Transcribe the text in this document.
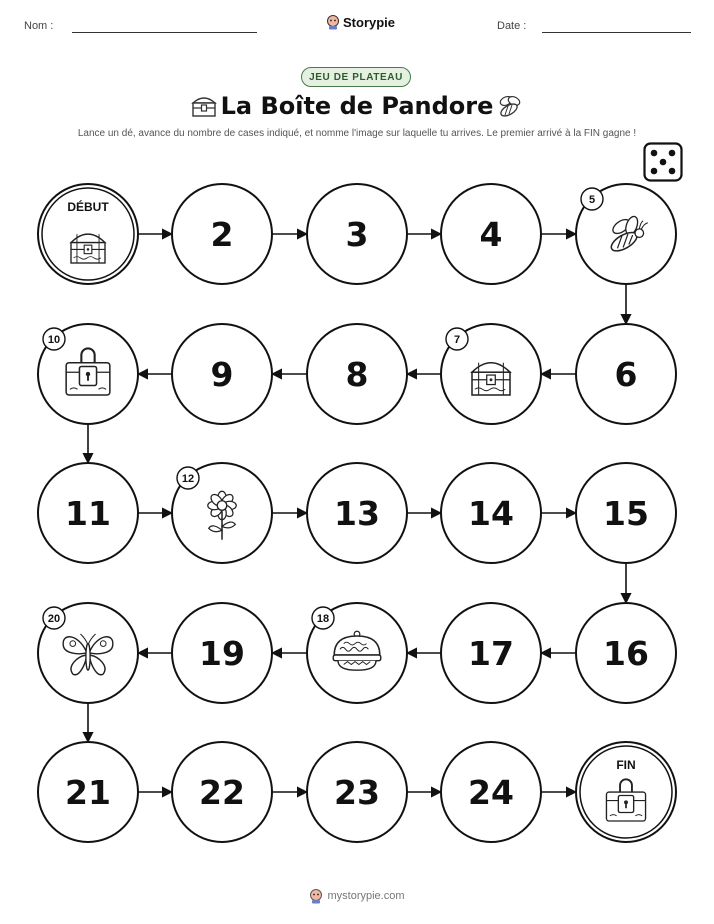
Nom :	Storypie	Date :
JEU DE PLATEAU
La Boîte de Pandore
Lance un dé, avance du nombre de cases indiqué, et nomme l'image sur laquelle tu arrives. Le premier arrivé à la FIN gagne !
DÉBUT
2	3	4
5
6
7
8
9
10
11
12
13	14	15
16
17
18
19
20
21	22	23	24
FIN
mystorypie.com
